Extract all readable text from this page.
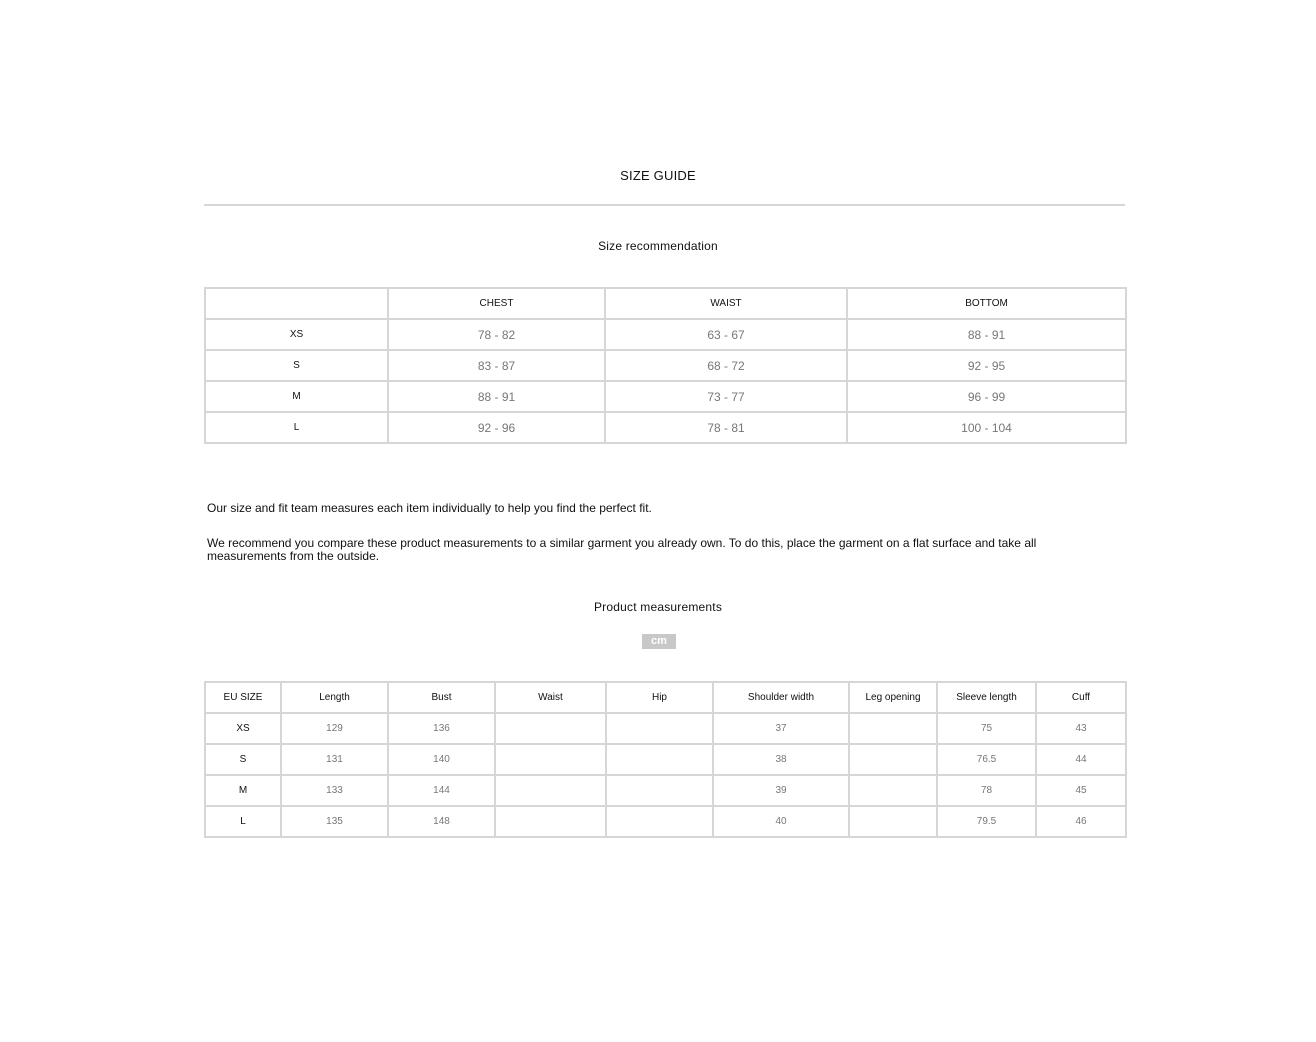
SIZE GUIDE
Size recommendation
	CHEST	WAIST	BOTTOM
XS	78 - 82	63 - 67	88 - 91
S	83 - 87	68 - 72	92 - 95
M	88 - 91	73 - 77	96 - 99
L	92 - 96	78 - 81	100 - 104
Our size and fit team measures each item individually to help you find the perfect fit.
We recommend you compare these product measurements to a similar garment you already own. To do this, place the garment on a flat surface and take all measurements from the outside.
Product measurements
cm
EU SIZE	Length	Bust	Waist	Hip	Shoulder width	Leg opening	Sleeve length	Cuff
XS	129	136			37		75	43
S	131	140			38		76.5	44
M	133	144			39		78	45
L	135	148			40		79.5	46
